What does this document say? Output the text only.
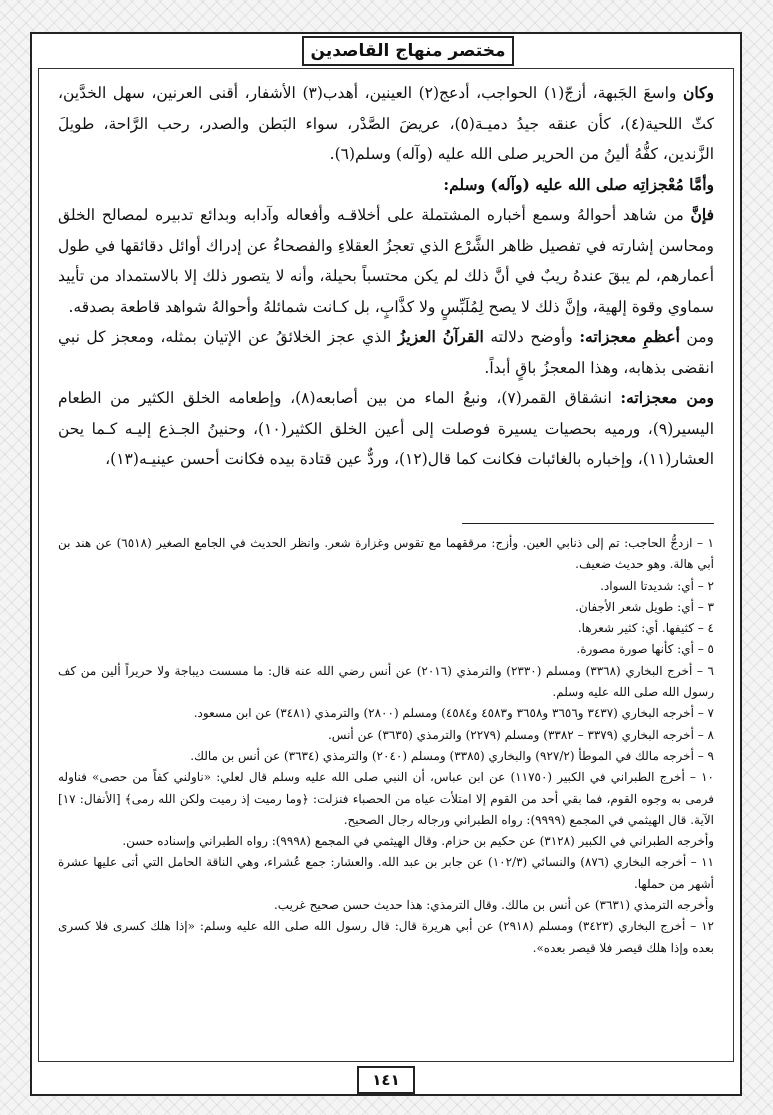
مختصر منهاج القاصدين

وكان واسعَ الجَبهة، أزجّ(١) الحواجب، أدعج(٢) العينين، أهدب(٣) الأشفار، أقنى العرنين، سهل الخدَّين، كثّ اللحية(٤)، كأن عنقه جيدُ دميـة(٥)، عريضَ الصَّدْر، سواء البَطن والصدر، رحب الرَّاحة، طويلَ الزَّندين، كفُّهُ ألينُ من الحرير صلى الله عليه (وآله) وسلم(٦).

وأمَّا مُعْجزاتِه صلى الله عليه (وآله) وسلم:

فإنَّ من شاهد أحوالهُ وسمع أخباره المشتملة على أخلاقـه وأفعاله وآدابه وبدائع تدبيره لمصالح الخلق ومحاسن إشارته في تفصيل ظاهر الشَّرْع الذي تعجزُ العقلاءِ والفصحاءُ عن إدراك أوائل دقائقها في طول أعمارهم، لم يبقَ عندهُ ريبٌ في أنَّ ذلك لم يكن محتسباً بحيلة، وأنه لا يتصور ذلك إلا بالاستمداد من تأييد سماوي وقوة إلهية، وإنَّ ذلك لا يصح لِمُلَبِّسٍ ولا كذَّابٍ، بل كـانت شمائلهُ وأحوالهُ شواهد قاطعة بصدقه.

ومن أعظمِ معجزاته: وأوضح دلالته القرآنُ العزيزُ الذي عجز الخلائقُ عن الإتيان بمثله، ومعجز كل نبي انقضى بذهابه، وهذا المعجزُ باقٍ أبداً.

ومن معجزاته: انشقاق القمر(٧)، ونبعُ الماء من بين أصابعه(٨)، وإطعامه الخلق الكثير من الطعام اليسير(٩)، ورميه بحصيات يسيرة فوصلت إلى أعين الخلق الكثير(١٠)، وحنينُ الجـذع إليـه كـما يحن العشار(١١)، وإخباره بالغائبات فكانت كما قال(١٢)، وردٌّ عين قتادة بيده فكانت أحسن عينيـه(١٣)،

١ – ازدجُّ الحاجب: تم إلى ذنابي العين. وأزج: مرققهما مع تقوس وغزارة شعر. وانظر الحديث في الجامع الصغير (٦٥١٨) عن هند بن أبي هالة. وهو حديث ضعيف.

٢ – أي: شديدتا السواد.

٣ – أي: طويل شعر الأجفان.

٤ – كثيفها. أي: كثير شعرها.

٥ – أي: كأنها صورة مصورة.

٦ – أخرج البخاري (٣٣٦٨) ومسلم (٢٣٣٠) والترمذي (٢٠١٦) عن أنس رضي الله عنه قال: ما مسست ديباجة ولا حريراً ألين من كف رسول الله صلى الله عليه وسلم.

٧ – أخرجه البخاري (٣٤٣٧ و٣٦٥٦ و٣٦٥٨ و٤٥٨٣ و٤٥٨٤) ومسلم (٢٨٠٠) والترمذي (٣٤٨١) عن ابن مسعود.

٨ – أخرجه البخاري (٣٣٧٩ – ٣٣٨٢) ومسلم (٢٢٧٩) والترمذي (٣٦٣٥) عن أنس.

٩ – أخرجه مالك في الموطأ (٩٢٧/٢) والبخاري (٣٣٨٥) ومسلم (٢٠٤٠) والترمذي (٣٦٣٤) عن أنس بن مالك.

١٠ – أخرج الطبراني في الكبير (١١٧٥٠) عن ابن عباس، أن النبي صلى الله عليه وسلم قال لعلي: «ناولني كفاً من حصى» فناوله فرمى به وجوه القوم، فما بقي أحد من القوم إلا امتلأت عياه من الحصباء فنزلت: ﴿وما رميت إذ رميت ولكن الله رمى﴾ [الأنفال: ١٧] الآية. قال الهيثمي في المجمع (٩٩٩٩): رواه الطبراني ورجاله رجال الصحيح.

وأخرجه الطبراني في الكبير (٣١٢٨) عن حكيم بن حزام. وقال الهيثمي في المجمع (٩٩٩٨): رواه الطبراني وإسناده حسن.

١١ – أخرجه البخاري (٨٧٦) والنسائي (١٠٢/٣) عن جابر بن عبد الله. والعشار: جمع عُشراء، وهي الناقة الحامل التي أتى عليها عشرة أشهر من حملها.

وأخرجه الترمذي (٣٦٣١) عن أنس بن مالك. وقال الترمذي: هذا حديث حسن صحيح غريب.

١٢ – أخرج البخاري (٣٤٢٣) ومسلم (٢٩١٨) عن أبي هريرة قال: قال رسول الله صلى الله عليه وسلم: «إذا هلك كسرى فلا كسرى بعده وإذا هلك قيصر فلا قيصر بعده».

١٤١
